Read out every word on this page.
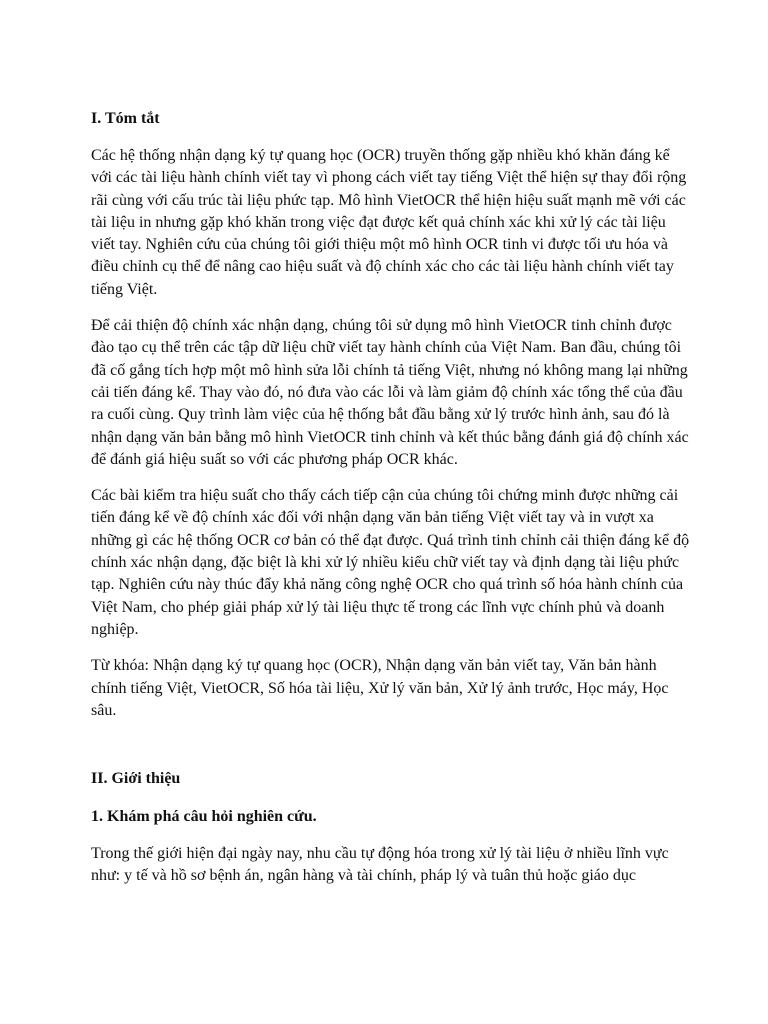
I. Tóm tắt

Các hệ thống nhận dạng ký tự quang học (OCR) truyền thống gặp nhiều khó khăn đáng kể với các tài liệu hành chính viết tay vì phong cách viết tay tiếng Việt thể hiện sự thay đổi rộng rãi cùng với cấu trúc tài liệu phức tạp. Mô hình VietOCR thể hiện hiệu suất mạnh mẽ với các tài liệu in nhưng gặp khó khăn trong việc đạt được kết quả chính xác khi xử lý các tài liệu viết tay. Nghiên cứu của chúng tôi giới thiệu một mô hình OCR tinh vi được tối ưu hóa và điều chỉnh cụ thể để nâng cao hiệu suất và độ chính xác cho các tài liệu hành chính viết tay tiếng Việt.

Để cải thiện độ chính xác nhận dạng, chúng tôi sử dụng mô hình VietOCR tinh chỉnh được đào tạo cụ thể trên các tập dữ liệu chữ viết tay hành chính của Việt Nam. Ban đầu, chúng tôi đã cố gắng tích hợp một mô hình sửa lỗi chính tả tiếng Việt, nhưng nó không mang lại những cải tiến đáng kể. Thay vào đó, nó đưa vào các lỗi và làm giảm độ chính xác tổng thể của đầu ra cuối cùng. Quy trình làm việc của hệ thống bắt đầu bằng xử lý trước hình ảnh, sau đó là nhận dạng văn bản bằng mô hình VietOCR tinh chỉnh và kết thúc bằng đánh giá độ chính xác để đánh giá hiệu suất so với các phương pháp OCR khác.

Các bài kiểm tra hiệu suất cho thấy cách tiếp cận của chúng tôi chứng minh được những cải tiến đáng kể về độ chính xác đối với nhận dạng văn bản tiếng Việt viết tay và in vượt xa những gì các hệ thống OCR cơ bản có thể đạt được. Quá trình tinh chỉnh cải thiện đáng kể độ chính xác nhận dạng, đặc biệt là khi xử lý nhiều kiểu chữ viết tay và định dạng tài liệu phức tạp. Nghiên cứu này thúc đẩy khả năng công nghệ OCR cho quá trình số hóa hành chính của Việt Nam, cho phép giải pháp xử lý tài liệu thực tế trong các lĩnh vực chính phủ và doanh nghiệp.

Từ khóa: Nhận dạng ký tự quang học (OCR), Nhận dạng văn bản viết tay, Văn bản hành chính tiếng Việt, VietOCR, Số hóa tài liệu, Xử lý văn bản, Xử lý ảnh trước, Học máy, Học sâu.

II. Giới thiệu

1. Khám phá câu hỏi nghiên cứu.

Trong thế giới hiện đại ngày nay, nhu cầu tự động hóa trong xử lý tài liệu ở nhiều lĩnh vực như: y tế và hồ sơ bệnh án, ngân hàng và tài chính, pháp lý và tuân thủ hoặc giáo dục
